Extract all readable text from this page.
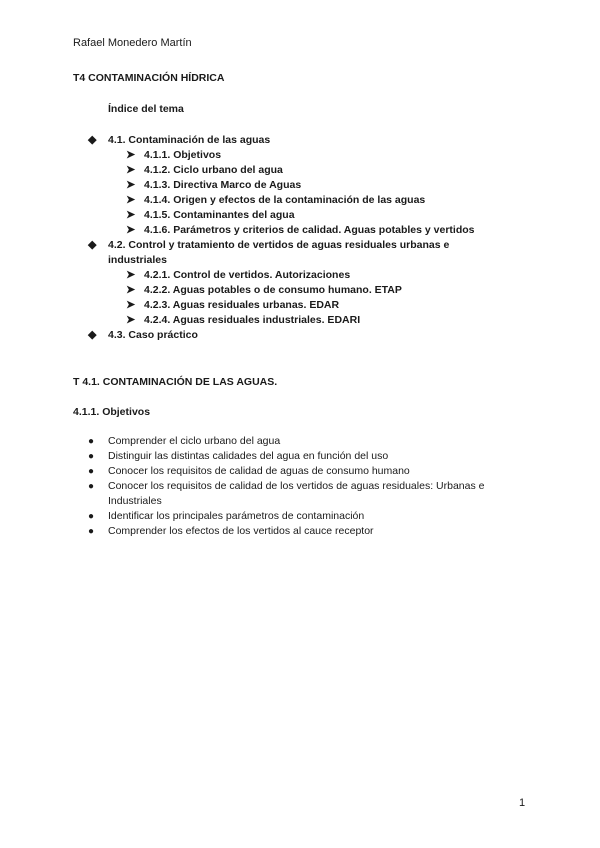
Rafael Monedero Martín
T4 CONTAMINACIÓN HÍDRICA
Índice del tema
◆ 4.1. Contaminación de las aguas
➤ 4.1.1. Objetivos
➤ 4.1.2. Ciclo urbano del agua
➤ 4.1.3. Directiva Marco de Aguas
➤ 4.1.4. Origen y efectos de la contaminación de las aguas
➤ 4.1.5. Contaminantes del agua
➤ 4.1.6. Parámetros y criterios de calidad. Aguas potables y vertidos
◆ 4.2. Control y tratamiento de vertidos de aguas residuales urbanas e industriales
➤ 4.2.1. Control de vertidos. Autorizaciones
➤ 4.2.2. Aguas potables o de consumo humano. ETAP
➤ 4.2.3. Aguas residuales urbanas. EDAR
➤ 4.2.4. Aguas residuales industriales. EDARI
◆ 4.3. Caso práctico
T 4.1. CONTAMINACIÓN DE LAS AGUAS.
4.1.1. Objetivos
● Comprender el ciclo urbano del agua
● Distinguir las distintas calidades del agua en función del uso
● Conocer los requisitos de calidad de aguas de consumo humano
● Conocer los requisitos de calidad de los vertidos de aguas residuales: Urbanas e Industriales
● Identificar los principales parámetros de contaminación
● Comprender los efectos de los vertidos al cauce receptor
1
